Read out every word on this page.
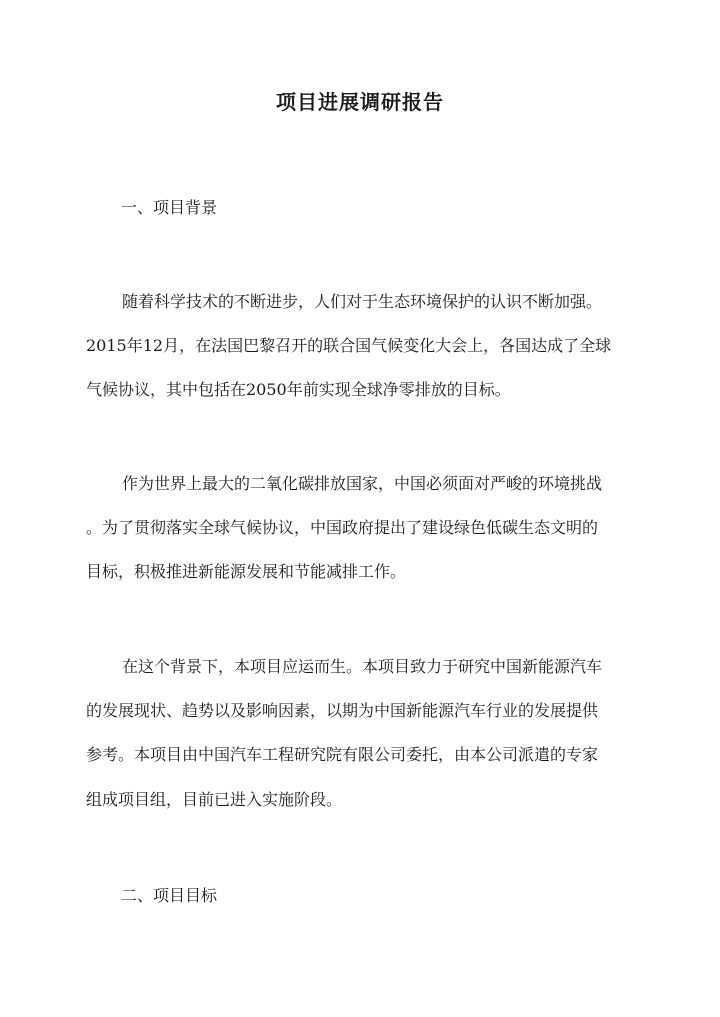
项目进展调研报告
一、项目背景
随着科学技术的不断进步，人们对于生态环境保护的认识不断加强。
2015年12月，在法国巴黎召开的联合国气候变化大会上，各国达成了全球
气候协议，其中包括在2050年前实现全球净零排放的目标。
作为世界上最大的二氧化碳排放国家，中国必须面对严峻的环境挑战
。为了贯彻落实全球气候协议，中国政府提出了建设绿色低碳生态文明的
目标，积极推进新能源发展和节能减排工作。
在这个背景下，本项目应运而生。本项目致力于研究中国新能源汽车
的发展现状、趋势以及影响因素，以期为中国新能源汽车行业的发展提供
参考。本项目由中国汽车工程研究院有限公司委托，由本公司派遣的专家
组成项目组，目前已进入实施阶段。
二、项目目标
